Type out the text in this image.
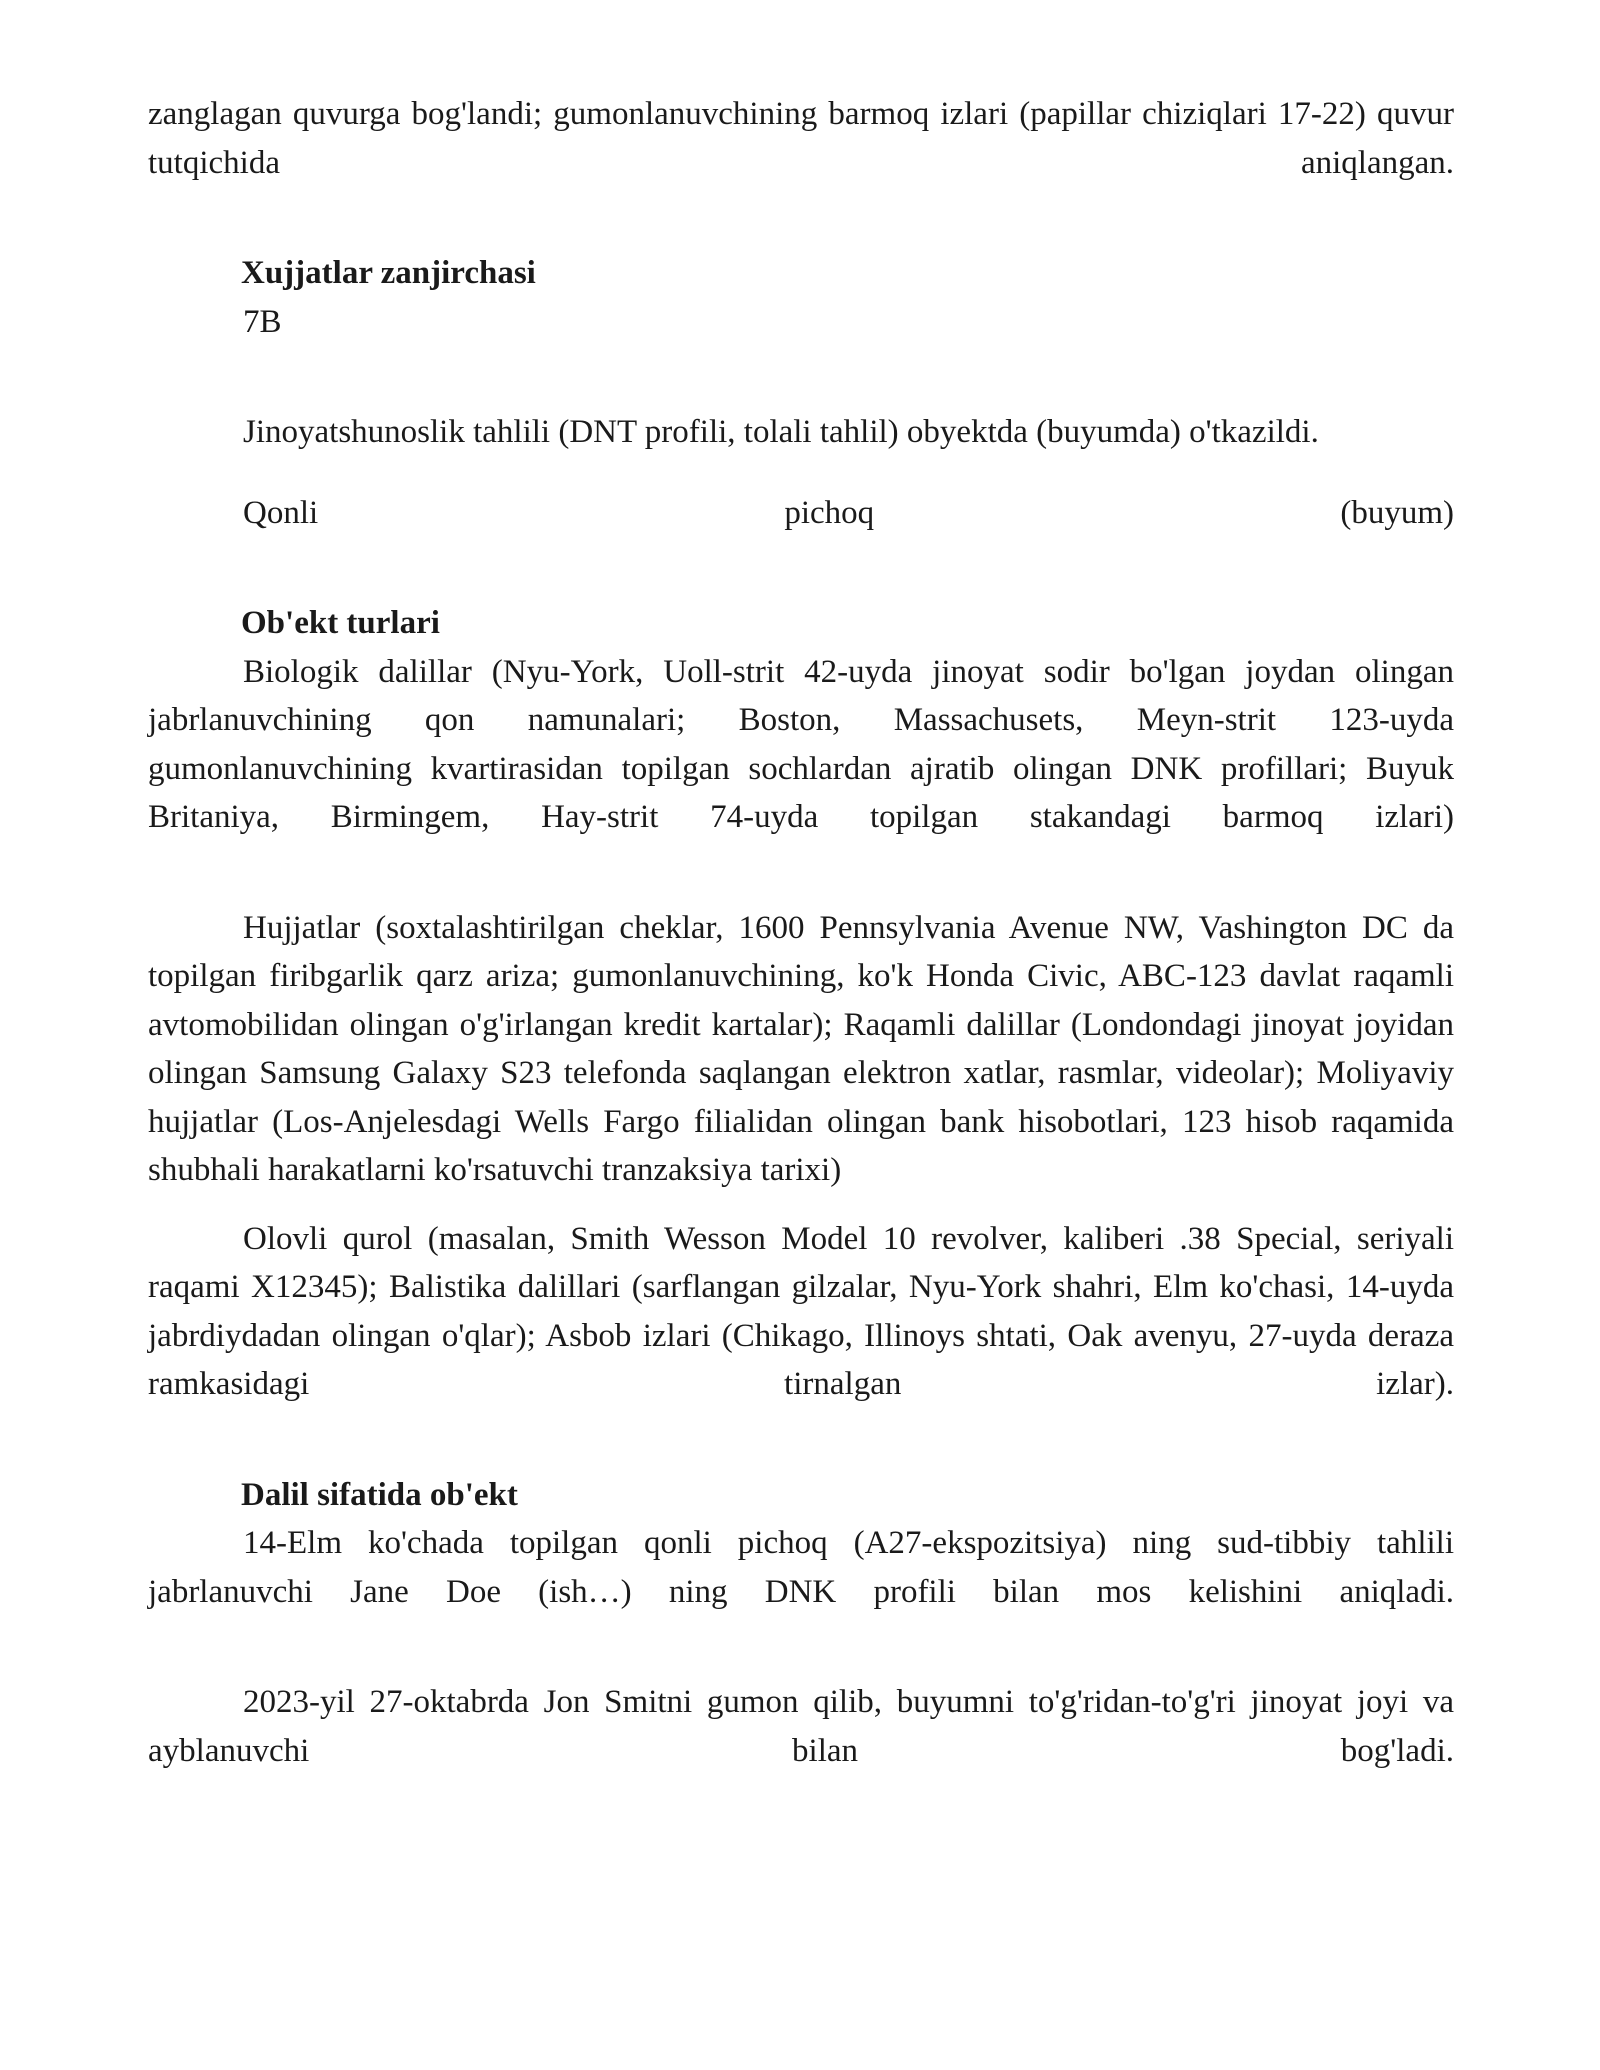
zanglagan quvurga bog'landi; gumonlanuvchining barmoq izlari (papillar chiziqlari 17-22) quvur tutqichida aniqlangan.

Xujjatlar zanjirchasi

7B

Jinoyatshunoslik tahlili (DNT profili, tolali tahlil) obyektda (buyumda) o'tkazildi.

Qonli pichoq (buyum)

Ob'ekt turlari

Biologik dalillar (Nyu-York, Uoll-strit 42-uyda jinoyat sodir bo'lgan joydan olingan jabrlanuvchining qon namunalari; Boston, Massachusets, Meyn-strit 123-uyda gumonlanuvchining kvartirasidan topilgan sochlardan ajratib olingan DNK profillari; Buyuk Britaniya, Birmingem, Hay-strit 74-uyda topilgan stakandagi barmoq izlari)

Hujjatlar (soxtalashtirilgan cheklar, 1600 Pennsylvania Avenue NW, Vashington DC da topilgan firibgarlik qarz ariza; gumonlanuvchining, ko'k Honda Civic, ABC-123 davlat raqamli avtomobilidan olingan o'g'irlangan kredit kartalar); Raqamli dalillar (Londondagi jinoyat joyidan olingan Samsung Galaxy S23 telefonda saqlangan elektron xatlar, rasmlar, videolar); Moliyaviy hujjatlar (Los-Anjelesdagi Wells Fargo filialidan olingan bank hisobotlari, 123 hisob raqamida shubhali harakatlarni ko'rsatuvchi tranzaksiya tarixi)

Olovli qurol (masalan, Smith Wesson Model 10 revolver, kaliberi .38 Special, seriyali raqami X12345); Balistika dalillari (sarflangan gilzalar, Nyu-York shahri, Elm ko'chasi, 14-uyda jabrdiydadan olingan o'qlar); Asbob izlari (Chikago, Illinoys shtati, Oak avenyu, 27-uyda deraza ramkasidagi tirnalgan izlar).

Dalil sifatida ob'ekt

14-Elm ko'chada topilgan qonli pichoq (A27-ekspozitsiya) ning sud-tibbiy tahlili jabrlanuvchi Jane Doe (ish…) ning DNK profili bilan mos kelishini aniqladi.

2023-yil 27-oktabrda Jon Smitni gumon qilib, buyumni to'g'ridan-to'g'ri jinoyat joyi va ayblanuvchi bilan bog'ladi.
